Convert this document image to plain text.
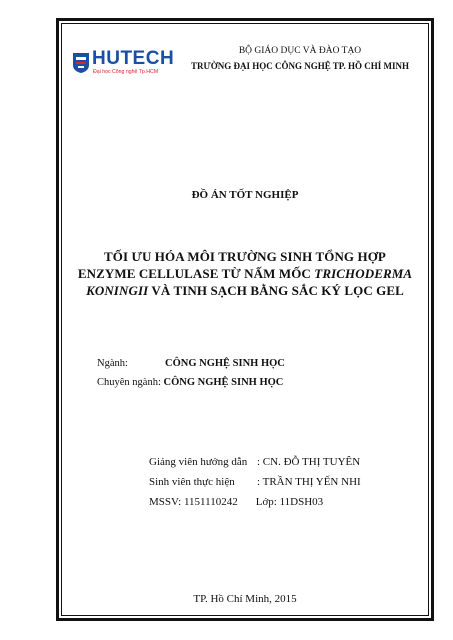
HUTECH
Đại học Công nghệ Tp.HCM
BỘ GIÁO DỤC VÀ ĐÀO TẠO
TRƯỜNG ĐẠI HỌC CÔNG NGHỆ TP. HỒ CHÍ MINH
ĐỒ ÁN TỐT NGHIỆP
TỐI ƯU HÓA MÔI TRƯỜNG SINH TỔNG HỢP
ENZYME CELLULASE TỪ NẤM MỐC TRICHODERMA
KONINGII VÀ TINH SẠCH BẰNG SẮC KÝ LỌC GEL
Ngành:	CÔNG NGHỆ SINH HỌC
Chuyên ngành: CÔNG NGHỆ SINH HỌC
Giảng viên hướng dẫn : CN. ĐỖ THỊ TUYÊN
Sinh viên thực hiện : TRẦN THỊ YẾN NHI
MSSV: 1151110242 Lớp: 11DSH03
TP. Hồ Chí Minh, 2015
